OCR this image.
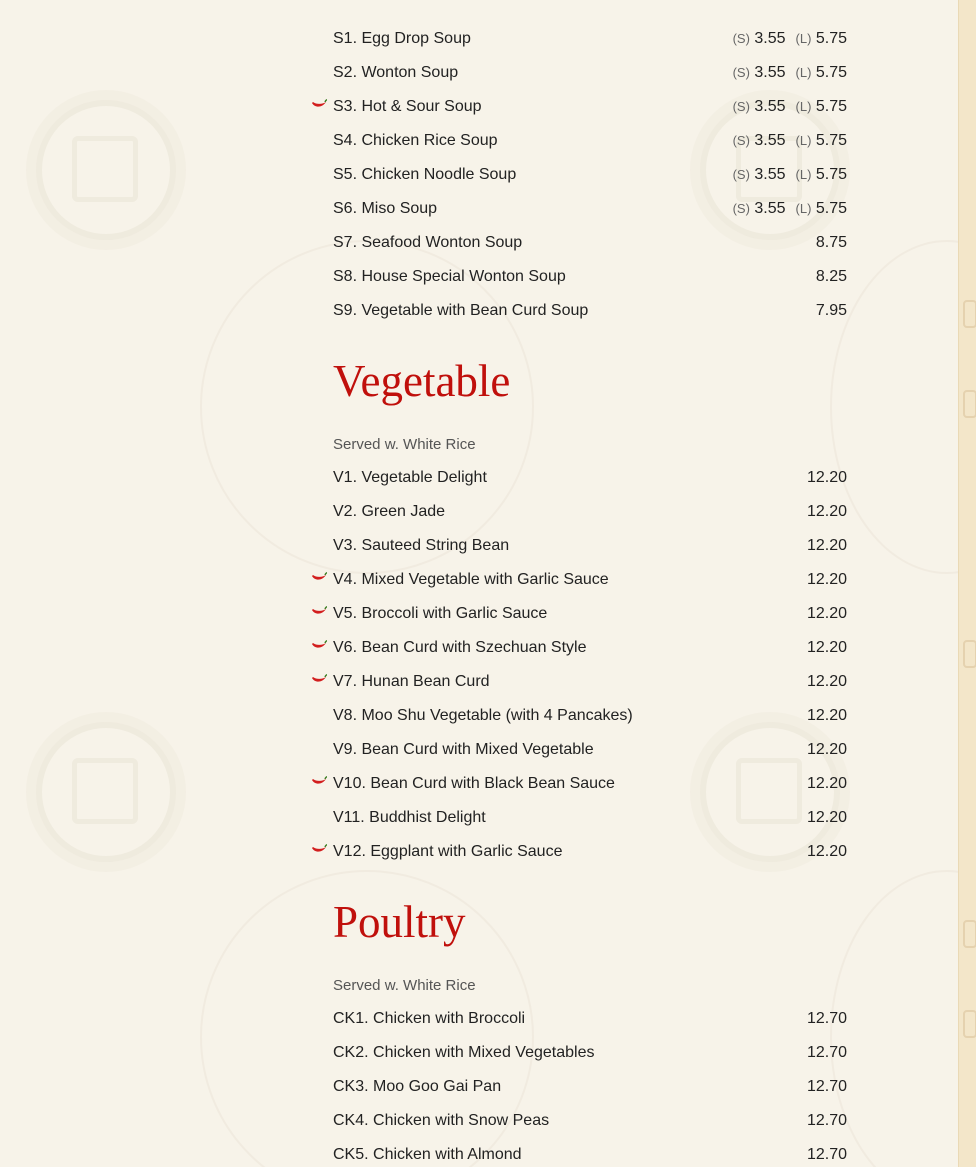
S1. Egg Drop Soup	(S) 3.55 (L) 5.75
S2. Wonton Soup	(S) 3.55 (L) 5.75
S3. Hot & Sour Soup	(S) 3.55 (L) 5.75
S4. Chicken Rice Soup	(S) 3.55 (L) 5.75
S5. Chicken Noodle Soup	(S) 3.55 (L) 5.75
S6. Miso Soup	(S) 3.55 (L) 5.75
S7. Seafood Wonton Soup	8.75
S8. House Special Wonton Soup	8.25
S9. Vegetable with Bean Curd Soup	7.95
Vegetable
Served w. White Rice
V1. Vegetable Delight	12.20
V2. Green Jade	12.20
V3. Sauteed String Bean	12.20
V4. Mixed Vegetable with Garlic Sauce	12.20
V5. Broccoli with Garlic Sauce	12.20
V6. Bean Curd with Szechuan Style	12.20
V7. Hunan Bean Curd	12.20
V8. Moo Shu Vegetable (with 4 Pancakes)	12.20
V9. Bean Curd with Mixed Vegetable	12.20
V10. Bean Curd with Black Bean Sauce	12.20
V11. Buddhist Delight	12.20
V12. Eggplant with Garlic Sauce	12.20
Poultry
Served w. White Rice
CK1. Chicken with Broccoli	12.70
CK2. Chicken with Mixed Vegetables	12.70
CK3. Moo Goo Gai Pan	12.70
CK4. Chicken with Snow Peas	12.70
CK5. Chicken with Almond	12.70
